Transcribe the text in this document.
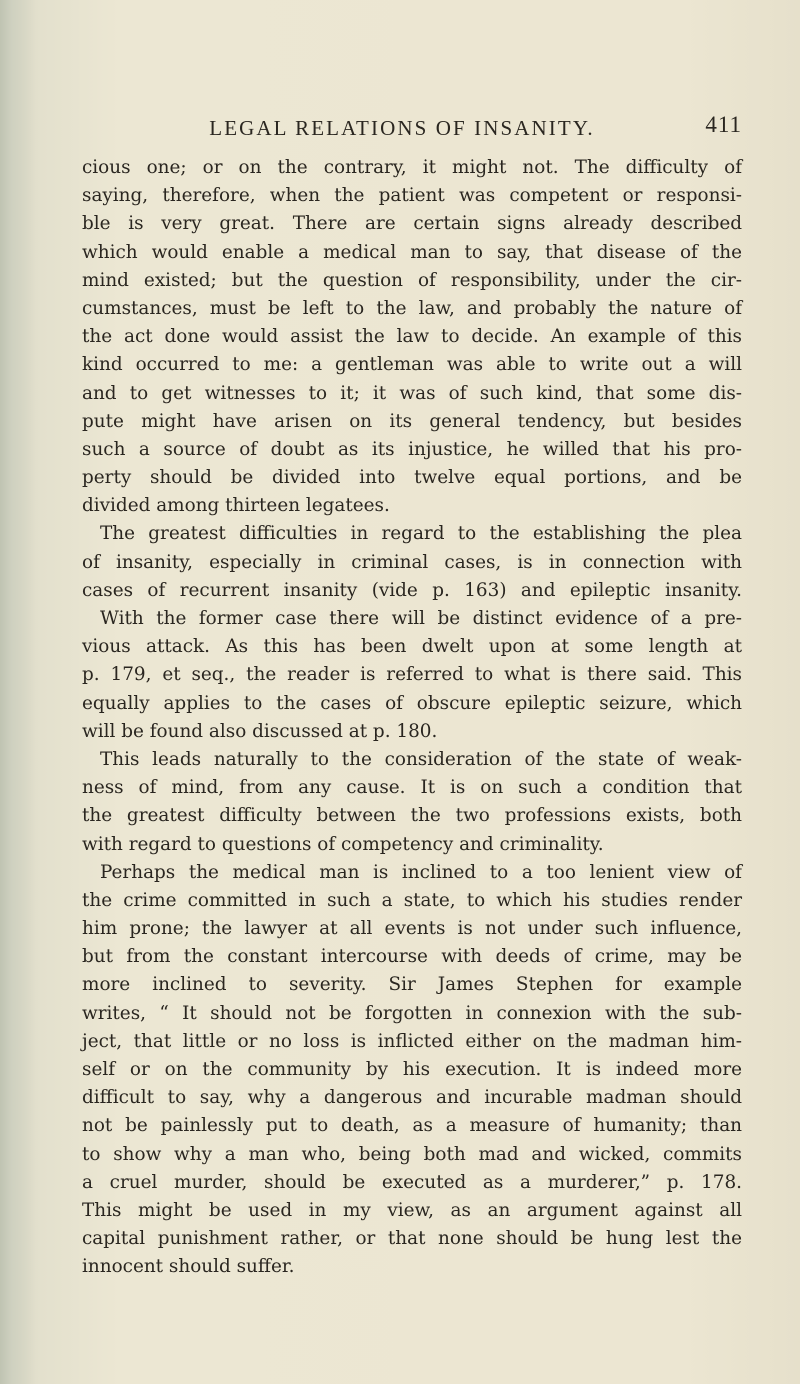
LEGAL RELATIONS OF INSANITY.	411
cious one; or on the contrary, it might not. The difficulty of
saying, therefore, when the patient was competent or responsi-
ble is very great. There are certain signs already described
which would enable a medical man to say, that disease of the
mind existed; but the question of responsibility, under the cir-
cumstances, must be left to the law, and probably the nature of
the act done would assist the law to decide. An example of this
kind occurred to me: a gentleman was able to write out a will
and to get witnesses to it; it was of such kind, that some dis-
pute might have arisen on its general tendency, but besides
such a source of doubt as its injustice, he willed that his pro-
perty should be divided into twelve equal portions, and be
divided among thirteen legatees.
The greatest difficulties in regard to the establishing the plea
of insanity, especially in criminal cases, is in connection with
cases of recurrent insanity (vide p. 163) and epileptic insanity.
With the former case there will be distinct evidence of a pre-
vious attack. As this has been dwelt upon at some length at
p. 179, et seq., the reader is referred to what is there said. This
equally applies to the cases of obscure epileptic seizure, which
will be found also discussed at p. 180.
This leads naturally to the consideration of the state of weak-
ness of mind, from any cause. It is on such a condition that
the greatest difficulty between the two professions exists, both
with regard to questions of competency and criminality.
Perhaps the medical man is inclined to a too lenient view of
the crime committed in such a state, to which his studies render
him prone; the lawyer at all events is not under such influence,
but from the constant intercourse with deeds of crime, may be
more inclined to severity. Sir James Stephen for example
writes, “ It should not be forgotten in connexion with the sub-
ject, that little or no loss is inflicted either on the madman him-
self or on the community by his execution. It is indeed more
difficult to say, why a dangerous and incurable madman should
not be painlessly put to death, as a measure of humanity; than
to show why a man who, being both mad and wicked, commits
a cruel murder, should be executed as a murderer,” p. 178.
This might be used in my view, as an argument against all
capital punishment rather, or that none should be hung lest the
innocent should suffer.
